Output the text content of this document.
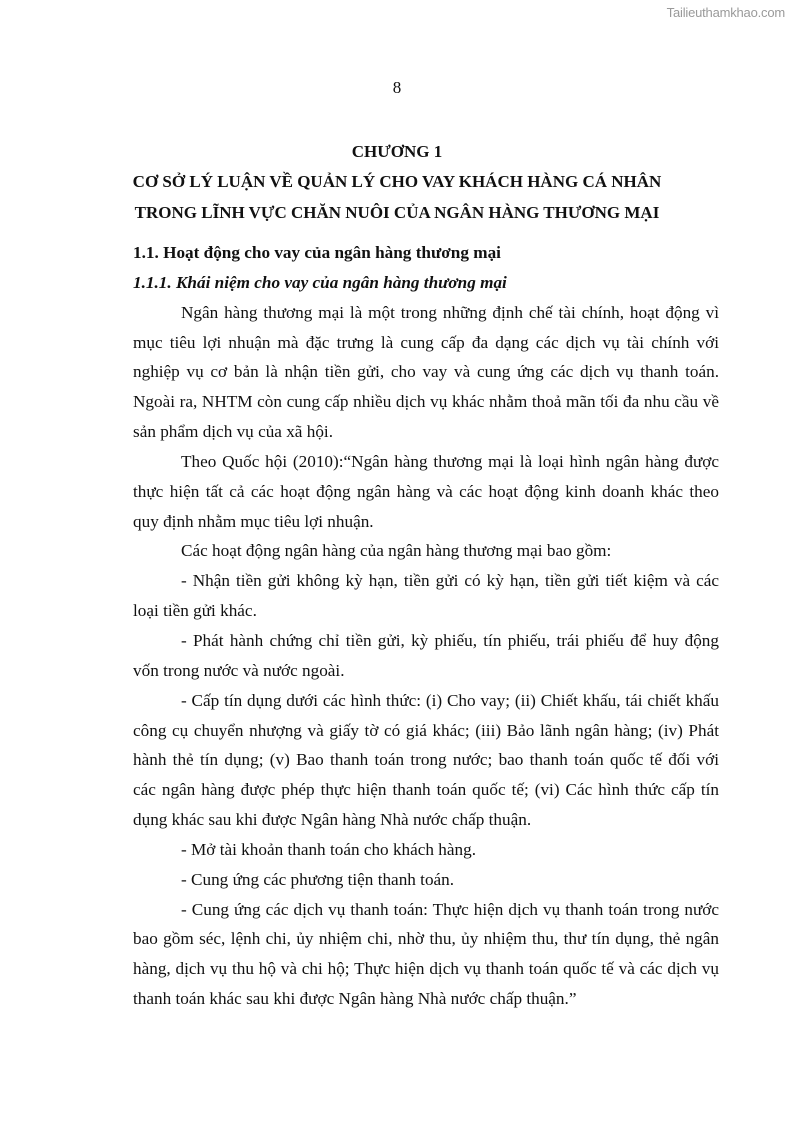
Tailieuthamkhao.com
8
CHƯƠNG 1
CƠ SỞ LÝ LUẬN VỀ QUẢN LÝ CHO VAY KHÁCH HÀNG CÁ NHÂN
TRONG LĨNH VỰC CHĂN NUÔI CỦA NGÂN HÀNG THƯƠNG MẠI
1.1. Hoạt động cho vay của ngân hàng thương mại
1.1.1. Khái niệm cho vay của ngân hàng thương mại
Ngân hàng thương mại là một trong những định chế tài chính, hoạt động vì
mục tiêu lợi nhuận mà đặc trưng là cung cấp đa dạng các dịch vụ tài chính với
nghiệp vụ cơ bản là nhận tiền gửi, cho vay và cung ứng các dịch vụ thanh toán.
Ngoài ra, NHTM còn cung cấp nhiều dịch vụ khác nhằm thoả mãn tối đa nhu cầu về
sản phẩm dịch vụ của xã hội.
Theo Quốc hội (2010):“Ngân hàng thương mại là loại hình ngân hàng được
thực hiện tất cả các hoạt động ngân hàng và các hoạt động kinh doanh khác theo
quy định nhằm mục tiêu lợi nhuận.
Các hoạt động ngân hàng của ngân hàng thương mại bao gồm:
- Nhận tiền gửi không kỳ hạn, tiền gửi có kỳ hạn, tiền gửi tiết kiệm và các
loại tiền gửi khác.
- Phát hành chứng chỉ tiền gửi, kỳ phiếu, tín phiếu, trái phiếu để huy động
vốn trong nước và nước ngoài.
- Cấp tín dụng dưới các hình thức: (i) Cho vay; (ii) Chiết khấu, tái chiết khấu
công cụ chuyển nhượng và giấy tờ có giá khác; (iii) Bảo lãnh ngân hàng; (iv) Phát
hành thẻ tín dụng; (v) Bao thanh toán trong nước; bao thanh toán quốc tế đối với
các ngân hàng được phép thực hiện thanh toán quốc tế; (vi) Các hình thức cấp tín
dụng khác sau khi được Ngân hàng Nhà nước chấp thuận.
- Mở tài khoản thanh toán cho khách hàng.
- Cung ứng các phương tiện thanh toán.
- Cung ứng các dịch vụ thanh toán: Thực hiện dịch vụ thanh toán trong nước
bao gồm séc, lệnh chi, ủy nhiệm chi, nhờ thu, ủy nhiệm thu, thư tín dụng, thẻ ngân
hàng, dịch vụ thu hộ và chi hộ; Thực hiện dịch vụ thanh toán quốc tế và các dịch vụ
thanh toán khác sau khi được Ngân hàng Nhà nước chấp thuận.”
